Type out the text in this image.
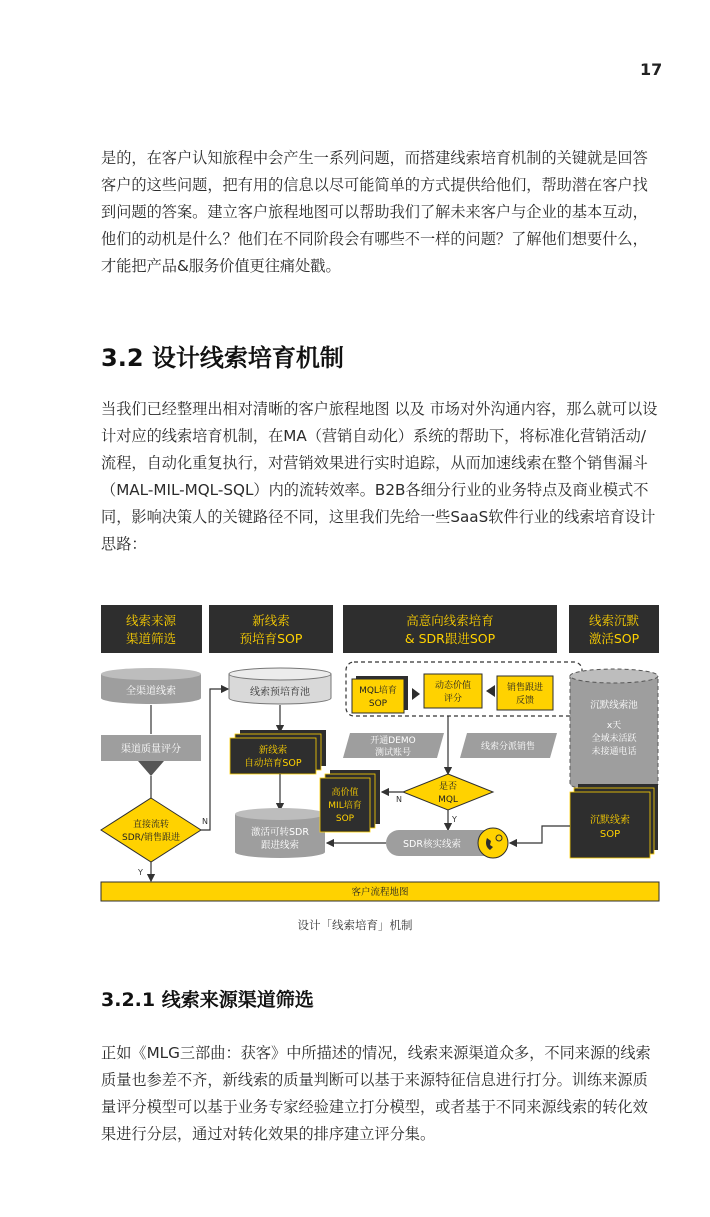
17

是的，在客户认知旅程中会产生一系列问题，而搭建线索培育机制的关键就是回答客户的这些问题，把有用的信息以尽可能简单的方式提供给他们，帮助潜在客户找到问题的答案。建立客户旅程地图可以帮助我们了解未来客户与企业的基本互动，他们的动机是什么？他们在不同阶段会有哪些不一样的问题？了解他们想要什么，才能把产品&服务价值更往痛处戳。

3.2 设计线索培育机制

当我们已经整理出相对清晰的客户旅程地图 以及 市场对外沟通内容，那么就可以设计对应的线索培育机制，在MA（营销自动化）系统的帮助下，将标准化营销活动/流程，自动化重复执行，对营销效果进行实时追踪，从而加速线索在整个销售漏斗（MAL-MIL-MQL-SQL）内的流转效率。B2B各细分行业的业务特点及商业模式不同，影响决策人的关键路径不同，这里我们先给一些SaaS软件行业的线索培育设计思路：

线索来源
渠道筛选
新线索
预培育SOP
高意向线索培育
& SDR跟进SOP
线索沉默
激活SOP
全渠道线索
渠道质量评分
直接流转
SDR/销售跟进
N
Y
线索预培育池
新线索
自动培育SOP
激活可转SDR
跟进线索
MQL培育
SOP
动态价值
评分
销售跟进
反馈
开通DEMO
测试账号
线索分派销售
高价值
MIL培育
SOP
是否
MQL
N
Y
SDR核实线索
沉默线索池
x天
全域未活跃
未接通电话
沉默线索
SOP
客户流程地图

设计「线索培育」机制

3.2.1 线索来源渠道筛选

正如《MLG三部曲：获客》中所描述的情况，线索来源渠道众多，不同来源的线索质量也参差不齐，新线索的质量判断可以基于来源特征信息进行打分。训练来源质量评分模型可以基于业务专家经验建立打分模型，或者基于不同来源线索的转化效果进行分层，通过对转化效果的排序建立评分集。
